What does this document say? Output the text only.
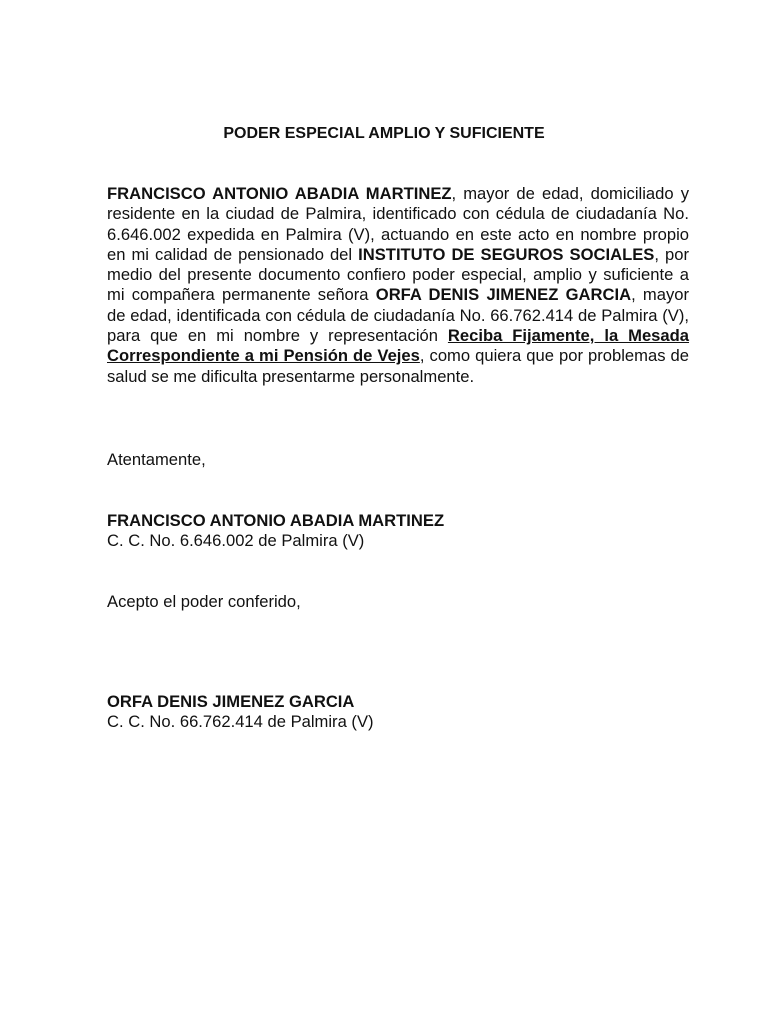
PODER ESPECIAL AMPLIO Y SUFICIENTE
FRANCISCO ANTONIO ABADIA MARTINEZ, mayor de edad, domiciliado y residente en la ciudad de Palmira, identificado con cédula de ciudadanía No. 6.646.002 expedida en Palmira (V), actuando en este acto en nombre propio en mi calidad de pensionado del INSTITUTO DE SEGUROS SOCIALES, por medio del presente documento confiero poder especial, amplio y suficiente a mi compañera permanente señora ORFA DENIS JIMENEZ GARCIA, mayor de edad, identificada con cédula de ciudadanía No. 66.762.414 de Palmira (V), para que en mi nombre y representación Reciba Fijamente, la Mesada Correspondiente a mi Pensión de Vejes, como quiera que por problemas de salud se me dificulta presentarme personalmente.
Atentamente,
FRANCISCO ANTONIO ABADIA MARTINEZ
C. C. No. 6.646.002 de Palmira (V)
Acepto el poder conferido,
ORFA DENIS JIMENEZ GARCIA
C. C. No. 66.762.414 de Palmira (V)
